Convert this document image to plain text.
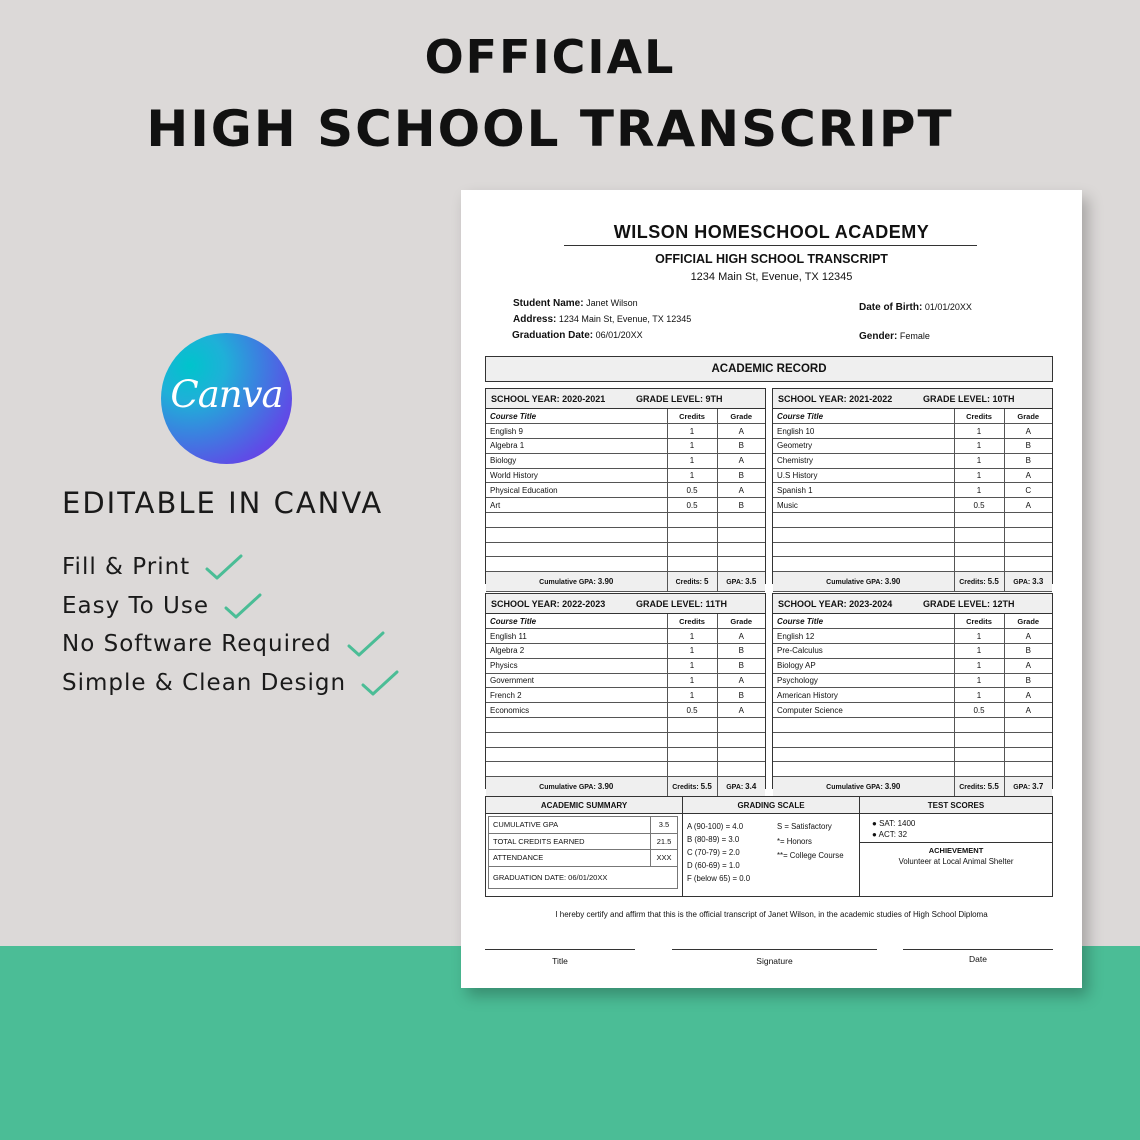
OFFICIAL
HIGH SCHOOL TRANSCRIPT
Canva
EDITABLE IN CANVA
Fill & Print
Easy To Use
No Software Required
Simple & Clean Design
WILSON HOMESCHOOL ACADEMY
OFFICIAL HIGH SCHOOL TRANSCRIPT
1234 Main St, Evenue, TX 12345
Student Name: Janet Wilson
Address: 1234 Main St, Evenue, TX 12345
Graduation Date: 06/01/20XX
Date of Birth: 01/01/20XX
Gender: Female
ACADEMIC RECORD
SCHOOL YEAR: 2020-2021	GRADE LEVEL: 9TH
Course Title	Credits	Grade
English 9	1	A
Algebra 1	1	B
Biology	1	A
World History	1	B
Physical Education	0.5	A
Art	0.5	B

Cumulative GPA: 3.90	Credits: 5	GPA: 3.5
SCHOOL YEAR: 2021-2022	GRADE LEVEL: 10TH
Course Title	Credits	Grade
English 10	1	A
Geometry	1	B
Chemistry	1	B
U.S History	1	A
Spanish 1	1	C
Music	0.5	A

Cumulative GPA: 3.90	Credits: 5.5	GPA: 3.3
SCHOOL YEAR: 2022-2023	GRADE LEVEL: 11TH
Course Title	Credits	Grade
English 11	1	A
Algebra 2	1	B
Physics	1	B
Government	1	A
French 2	1	B
Economics	0.5	A

Cumulative GPA: 3.90	Credits: 5.5	GPA: 3.4
SCHOOL YEAR: 2023-2024	GRADE LEVEL: 12TH
Course Title	Credits	Grade
English 12	1	A
Pre-Calculus	1	B
Biology AP	1	A
Psychology	1	B
American History	1	A
Computer Science	0.5	A

Cumulative GPA: 3.90	Credits: 5.5	GPA: 3.7
ACADEMIC SUMMARY
CUMULATIVE GPA	3.5
TOTAL CREDITS EARNED	21.5
ATTENDANCE	XXX
GRADUATION DATE: 06/01/20XX	
GRADING SCALE
A (90-100) = 4.0
B (80-89) = 3.0
C (70-79) = 2.0
D (60-69) = 1.0
F (below 65) = 0.0
S = Satisfactory
*= Honors
**= College Course
TEST SCORES
● SAT: 1400
● ACT: 32
ACHIEVEMENT
Volunteer at Local Animal Shelter
I hereby certify and affirm that this is the official transcript of Janet Wilson, in the academic studies of High School Diploma
Title	Signature	Date
